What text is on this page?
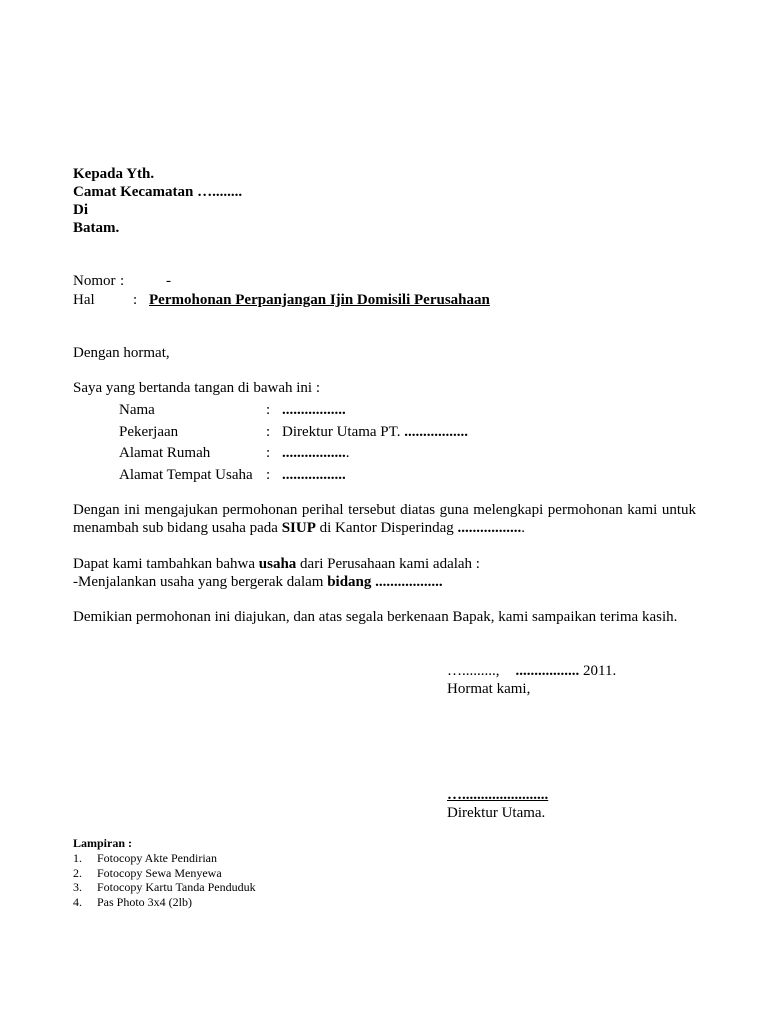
Kepada Yth.
Camat Kecamatan …........
Di
Batam.
Nomor :	-
Hal	: Permohonan Perpanjangan Ijin Domisili Perusahaan
Dengan hormat,
Saya yang bertanda tangan di bawah ini :
Nama	: .................
Pekerjaan	: Direktur Utama PT. .................
Alamat Rumah	: ..................
Alamat Tempat Usaha : .................
Dengan ini mengajukan permohonan perihal tersebut diatas guna melengkapi permohonan kami untuk menambah sub bidang usaha pada SIUP di Kantor Disperindag ..................
Dapat kami tambahkan bahwa usaha dari Perusahaan kami adalah :
-Menjalankan usaha yang bergerak dalam bidang ..................
Demikian permohonan ini diajukan, dan atas segala berkenaan Bapak, kami sampaikan terima kasih.
…........., ................. 2011.
Hormat kami,
….......................
Direktur Utama.
Lampiran :
1. Fotocopy Akte Pendirian
2. Fotocopy Sewa Menyewa
3. Fotocopy Kartu Tanda Penduduk
4. Pas Photo 3x4 (2lb)
